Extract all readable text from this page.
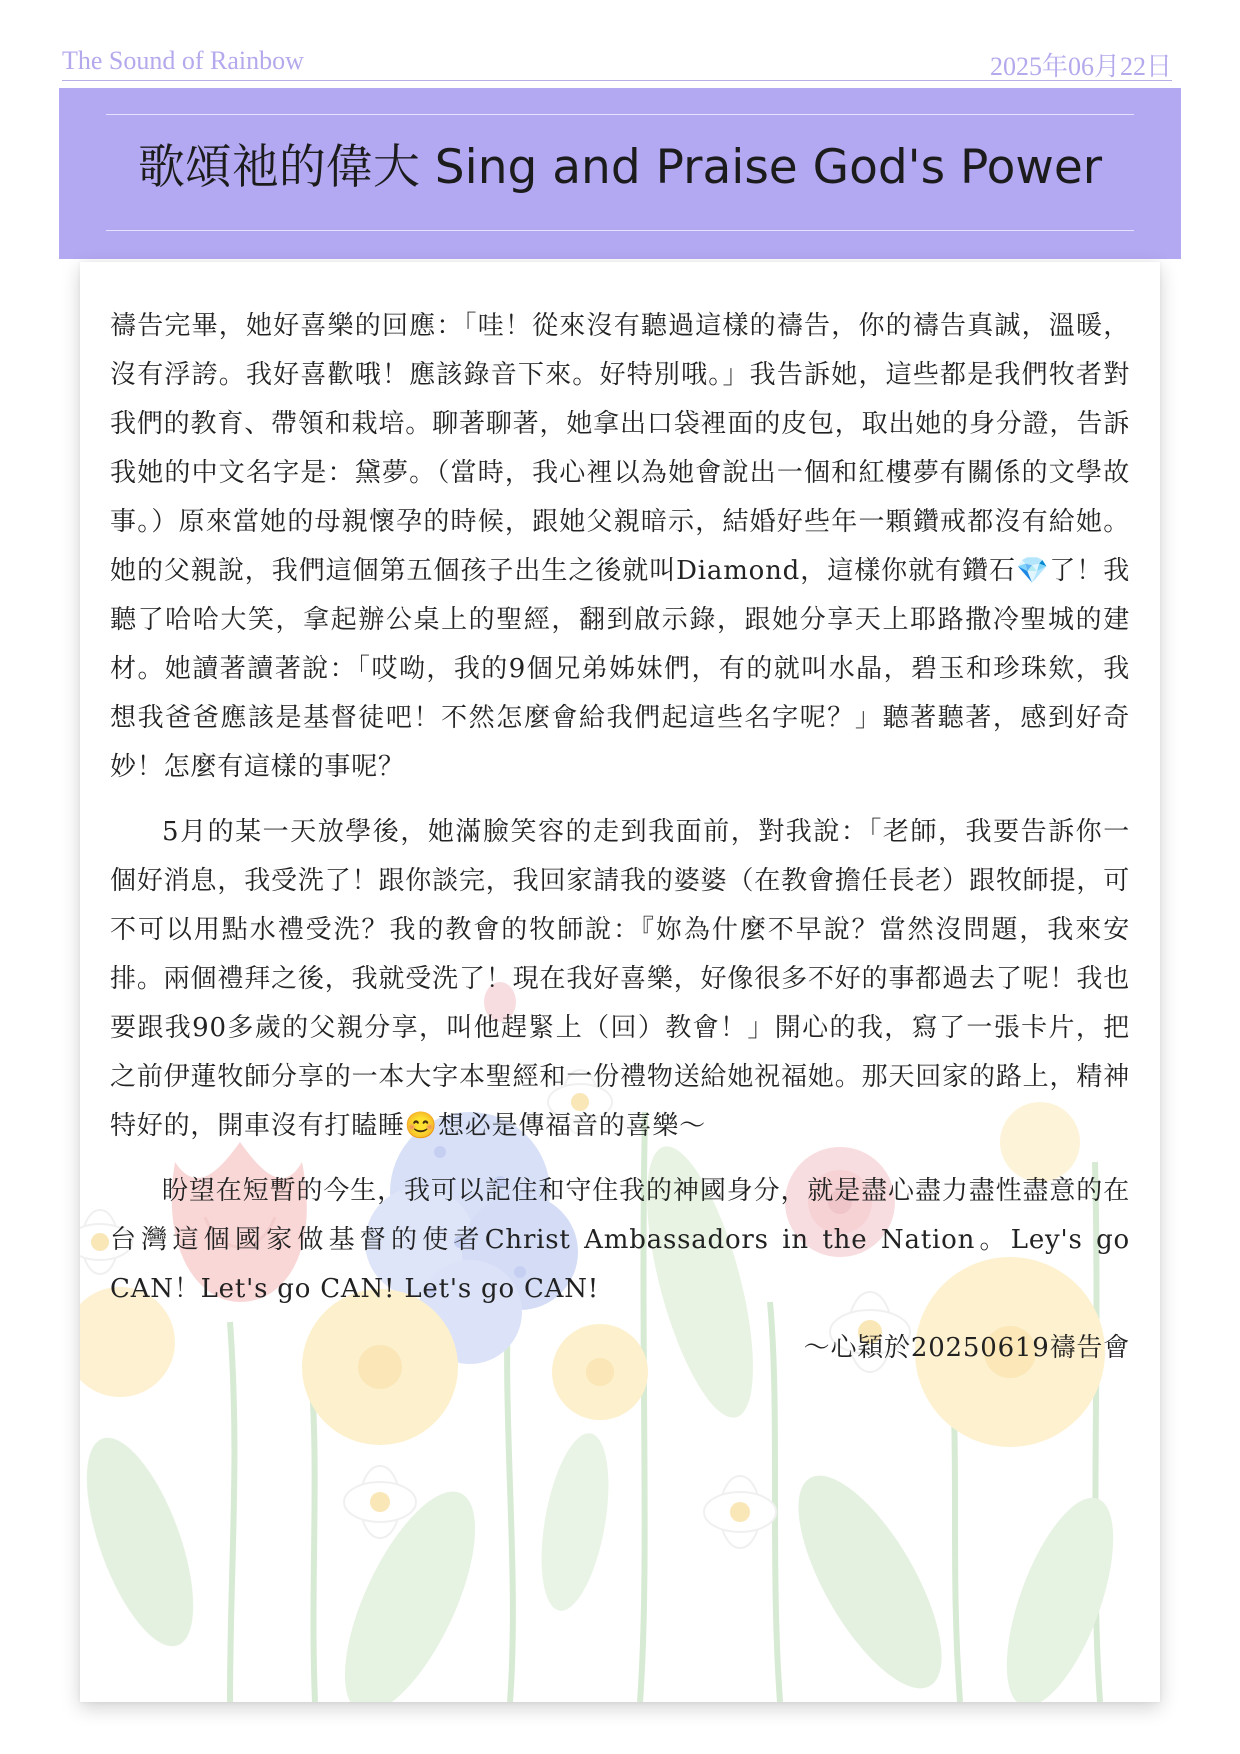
The Sound of Rainbow	2025年06月22日
歌頌祂的偉大 Sing and Praise God's Power

禱告完畢，她好喜樂的回應：「哇！從來沒有聽過這樣的禱告，你的禱告真誠，溫暖，沒有浮誇。我好喜歡哦！應該錄音下來。好特別哦。」我告訴她，這些都是我們牧者對我們的教育、帶領和栽培。聊著聊著，她拿出口袋裡面的皮包，取出她的身分證，告訴我她的中文名字是：黛夢。（當時，我心裡以為她會說出一個和紅樓夢有關係的文學故事。）原來當她的母親懷孕的時候，跟她父親暗示，結婚好些年一顆鑽戒都沒有給她。她的父親說，我們這個第五個孩子出生之後就叫Diamond，這樣你就有鑽石💎了！我聽了哈哈大笑，拿起辦公桌上的聖經，翻到啟示錄，跟她分享天上耶路撒冷聖城的建材。她讀著讀著說：「哎呦，我的9個兄弟姊妹們，有的就叫水晶，碧玉和珍珠欸，我想我爸爸應該是基督徒吧！不然怎麼會給我們起這些名字呢？」聽著聽著，感到好奇妙！怎麼有這樣的事呢？

5月的某一天放學後，她滿臉笑容的走到我面前，對我說：「老師，我要告訴你一個好消息，我受洗了！跟你談完，我回家請我的婆婆（在教會擔任長老）跟牧師提，可不可以用點水禮受洗？我的教會的牧師說：『妳為什麼不早說？當然沒問題，我來安排。兩個禮拜之後，我就受洗了！現在我好喜樂，好像很多不好的事都過去了呢！我也要跟我90多歲的父親分享，叫他趕緊上（回）教會！」開心的我，寫了一張卡片，把之前伊蓮牧師分享的一本大字本聖經和一份禮物送給她祝福她。那天回家的路上，精神特好的，開車沒有打瞌睡😊想必是傳福音的喜樂～

盼望在短暫的今生，我可以記住和守住我的神國身分，就是盡心盡力盡性盡意的在台灣這個國家做基督的使者Christ Ambassadors in the Nation。Ley's go CAN！Let's go CAN! Let's go CAN!

～心穎於20250619禱告會
